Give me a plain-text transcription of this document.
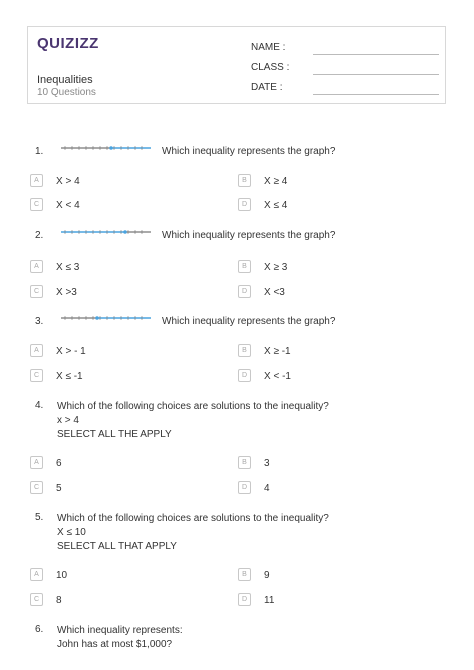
QUIZIZZ
Inequalities
10 Questions
NAME :
CLASS :
DATE :
1.	Which inequality represents the graph?
A	X > 4	B	X ≥ 4
C	X < 4	D	X ≤ 4
2.	Which inequality represents the graph?
A	X ≤ 3	B	X ≥ 3
C	X >3	D	X <3
3.	Which inequality represents the graph?
A	X > - 1	B	X ≥ -1
C	X ≤ -1	D	X < -1
4. Which of the following choices are solutions to the inequality?
x > 4
SELECT ALL THE APPLY
A	6	B	3
C	5	D	4
5. Which of the following choices are solutions to the inequality?
X ≤ 10
SELECT ALL THAT APPLY
A	10	B	9
C	8	D	11
6. Which inequality represents:
John has at most $1,000?
